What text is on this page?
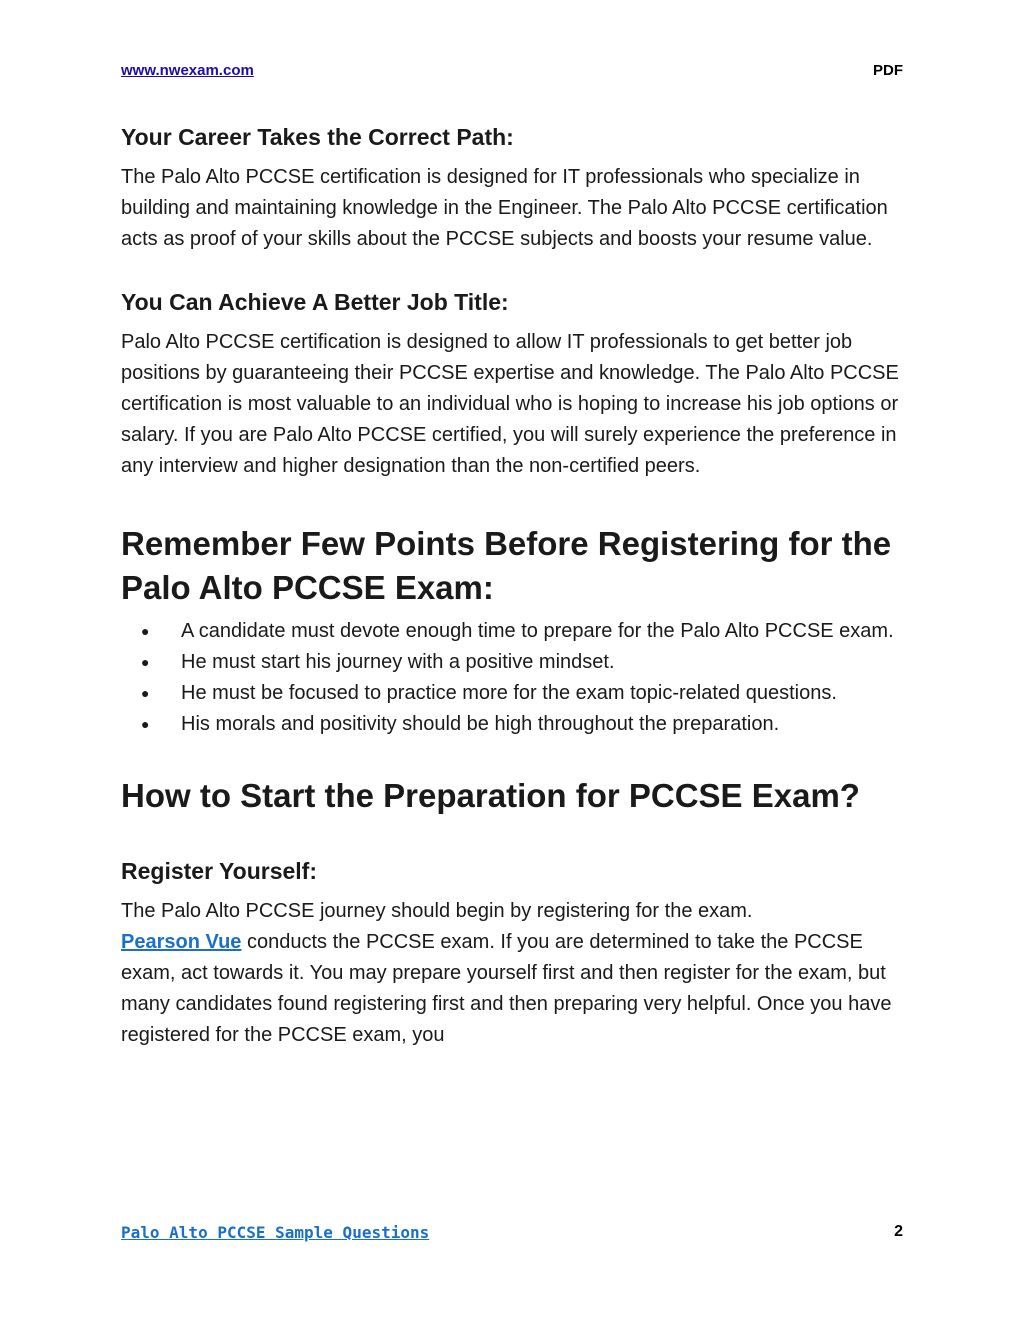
www.nwexam.com	PDF
Your Career Takes the Correct Path:

The Palo Alto PCCSE certification is designed for IT professionals who specialize in building and maintaining knowledge in the Engineer. The Palo Alto PCCSE certification acts as proof of your skills about the PCCSE subjects and boosts your resume value.

You Can Achieve A Better Job Title:

Palo Alto PCCSE certification is designed to allow IT professionals to get better job positions by guaranteeing their PCCSE expertise and knowledge. The Palo Alto PCCSE certification is most valuable to an individual who is hoping to increase his job options or salary. If you are Palo Alto PCCSE certified, you will surely experience the preference in any interview and higher designation than the non-certified peers.

Remember Few Points Before Registering for the Palo Alto PCCSE Exam:
● A candidate must devote enough time to prepare for the Palo Alto PCCSE exam.
● He must start his journey with a positive mindset.
● He must be focused to practice more for the exam topic-related questions.
● His morals and positivity should be high throughout the preparation.
How to Start the Preparation for PCCSE Exam?
Register Yourself:

The Palo Alto PCCSE journey should begin by registering for the exam.
Pearson Vue conducts the PCCSE exam. If you are determined to take the PCCSE exam, act towards it. You may prepare yourself first and then register for the exam, but many candidates found registering first and then preparing very helpful. Once you have registered for the PCCSE exam, you

Palo Alto PCCSE Sample Questions	2
